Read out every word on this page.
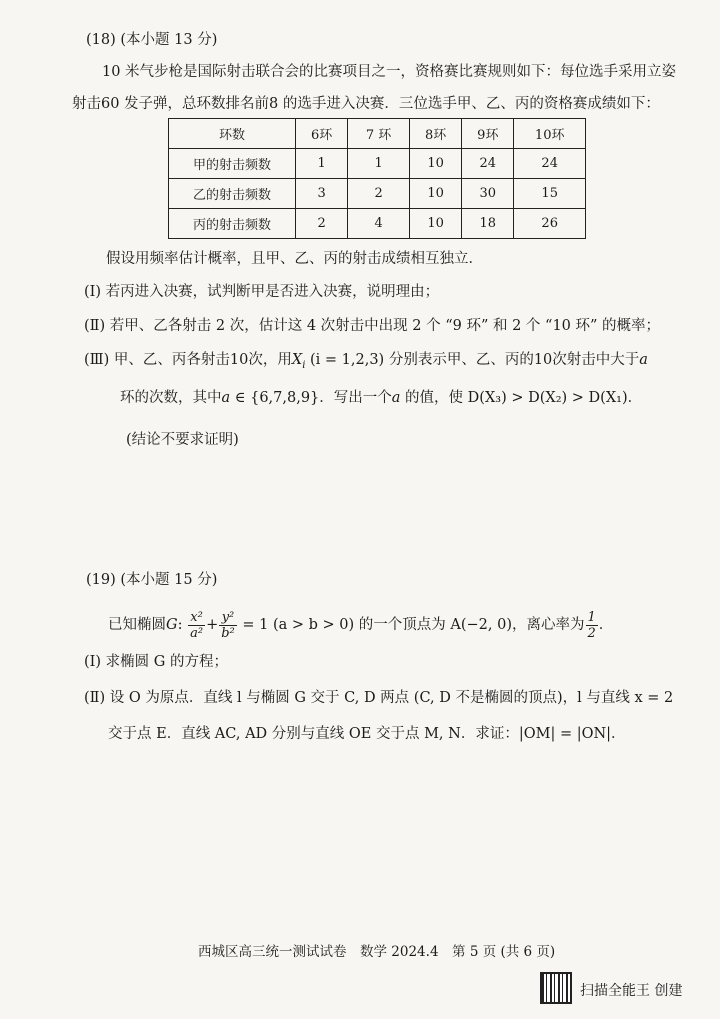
(18) (本小题 13 分)
10 米气步枪是国际射击联合会的比赛项目之一，资格赛比赛规则如下：每位选手采用立姿
射击60 发子弹，总环数排名前8 的选手进入决赛．三位选手甲、乙、丙的资格赛成绩如下：
环数	6环	7 环	8环	9环	10环
甲的射击频数	1	1	10	24	24
乙的射击频数	3	2	10	30	15
丙的射击频数	2	4	10	18	26
假设用频率估计概率，且甲、乙、丙的射击成绩相互独立．
(Ⅰ) 若丙进入决赛，试判断甲是否进入决赛，说明理由；
(Ⅱ) 若甲、乙各射击 2 次，估计这 4 次射击中出现 2 个 “9 环” 和 2 个 “10 环” 的概率；
(Ⅲ) 甲、乙、丙各射击10次，用$X_i$ (i = 1,2,3) 分别表示甲、乙、丙的10次射击中大于a
环的次数，其中a ∈ {6,7,8,9}．写出一个a 的值，使 D(X₃) > D(X₂) > D(X₁)．
(结论不要求证明)
(19) (本小题 15 分)
已知椭圆G: $\frac{\text{x²}}{\text{a²}} + \frac{\text{y²}}{\text{b²}} = 1$ (a > b > 0) 的一个顶点为 A(−2, 0)，离心率为 $\frac{1}{2}$ ．
(Ⅰ) 求椭圆 G 的方程；
(Ⅱ) 设 O 为原点．直线 l 与椭圆 G 交于 C, D 两点 (C, D 不是椭圆的顶点)，l 与直线 x = 2
交于点 E．直线 AC, AD 分别与直线 OE 交于点 M, N．求证：|OM| = |ON|．
西城区高三统一测试试卷　数学 2024.4　第 5 页 (共 6 页)
扫描全能王 创建
